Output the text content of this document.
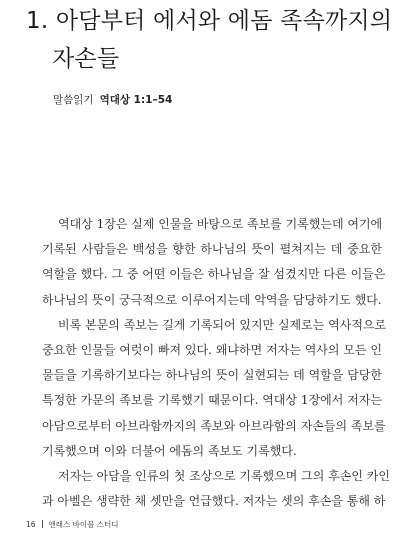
1. 아담부터 에서와 에돔 족속까지의
자손들
말씀읽기 역대상 1:1–54

역대상 1장은 실제 인물을 바탕으로 족보를 기록했는데 여기에
기록된 사람들은 백성을 향한 하나님의 뜻이 펼쳐지는 데 중요한
역할을 했다. 그 중 어떤 이들은 하나님을 잘 섬겼지만 다른 이들은
하나님의 뜻이 궁극적으로 이루어지는데 악역을 담당하기도 했다.

비록 본문의 족보는 길게 기록되어 있지만 실제로는 역사적으로
중요한 인물들 여럿이 빠져 있다. 왜냐하면 저자는 역사의 모든 인
물들을 기록하기보다는 하나님의 뜻이 실현되는 데 역할을 담당한
특정한 가문의 족보를 기록했기 때문이다. 역대상 1장에서 저자는
아담으로부터 아브라함까지의 족보와 아브라함의 자손들의 족보를
기록했으며 이와 더불어 에돔의 족보도 기록했다.

저자는 아담을 인류의 첫 조상으로 기록했으며 그의 후손인 카인
과 아벨은 생략한 채 셋만을 언급했다. 저자는 셋의 후손을 통해 하

16 앤래스 바이블 스터디
